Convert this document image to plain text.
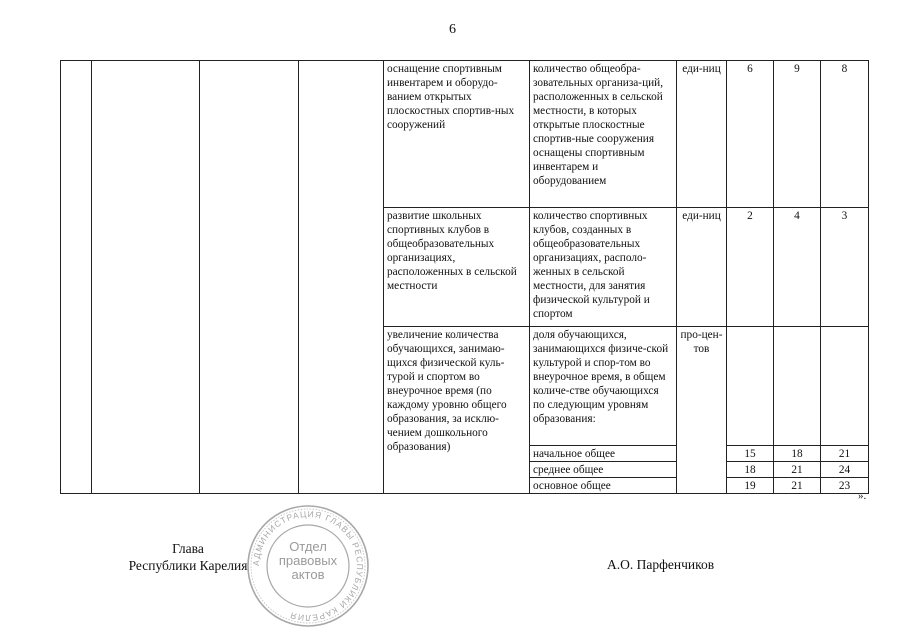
6
				оснащение спортивным инвентарем и оборудо-ванием открытых плоскостных спортив-ных сооружений	количество общеобра-зовательных организа-ций, расположенных в сельской местности, в которых открытые плоскостные спортив-ные сооружения оснащены спортивным инвентарем и оборудованием	еди-ниц	6	9	8
				развитие школьных спортивных клубов в общеобразовательных организациях, расположенных в сельской местности	количество спортивных клубов, созданных в общеобразовательных организациях, располо-женных в сельской местности, для занятия физической культурой и спортом	еди-ниц	2	4	3
				увеличение количества обучающихся, занимаю-щихся физической куль-турой и спортом во внеурочное время (по каждому уровню общего образования, за исклю-чением дошкольного образования)	доля обучающихся, занимающихся физиче-ской культурой и спор-том во внеурочное время, в общем количе-стве обучающихся по следующим уровням образования:	про-цен-тов			
					начальное общее		15	18	21
					среднее общее		18	21	24
					основное общее		19	21	23
».
Глава
Республики Карелия АДМИНИСТРАЦИЯ ГЛАВЫ РЕСПУБЛИКИ КАРЕЛИЯ
Отдел
правовых
актов
А.О. Парфенчиков
